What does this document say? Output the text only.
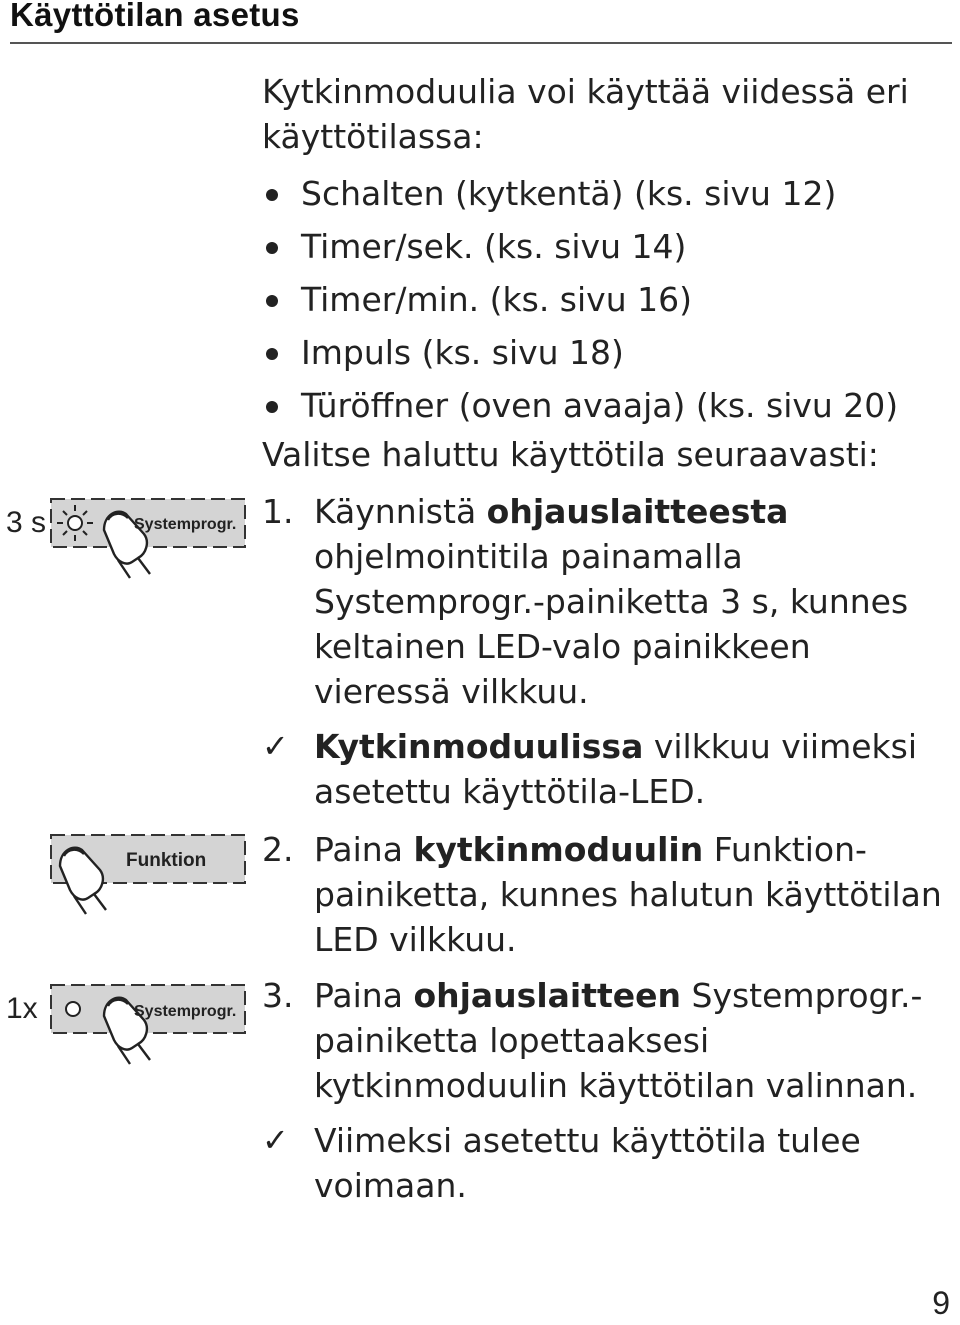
Käyttötilan asetus
Kytkinmoduulia voi käyttää viidessä eri
käyttötilassa:
Schalten (kytkentä) (ks. sivu 12)
Timer/sek. (ks. sivu 14)
Timer/min. (ks. sivu 16)
Impuls (ks. sivu 18)
Türöffner (oven avaaja) (ks. sivu 20)
Valitse haluttu käyttötila seuraavasti:
1. Käynnistä ohjauslaitteesta
ohjelmointitila painamalla
Systemprogr.-painiketta 3 s, kunnes
keltainen LED-valo painikkeen
vieressä vilkkuu.
✓ Kytkinmoduulissa vilkkuu viimeksi
asetettu käyttötila-LED.
2. Paina kytkinmoduulin Funktion-
painiketta, kunnes halutun käyttötilan
LED vilkkuu.
3. Paina ohjauslaitteen Systemprogr.-
painiketta lopettaaksesi
kytkinmoduulin käyttötilan valinnan.
✓ Viimeksi asetettu käyttötila tulee
voimaan.
3 s	Systemprogr.
Funktion
1x	Systemprogr.
9
